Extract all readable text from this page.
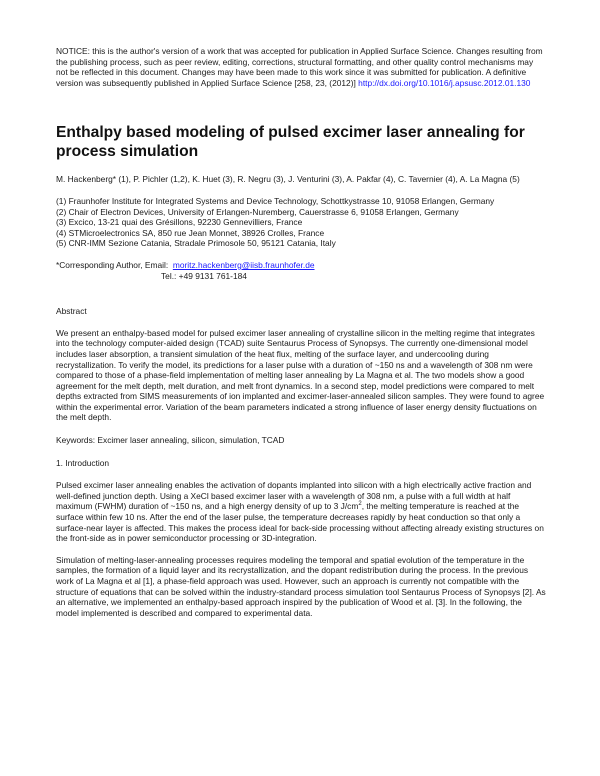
NOTICE: this is the author's version of a work that was accepted for publication in Applied Surface Science. Changes resulting from the publishing process, such as peer review, editing, corrections, structural formatting, and other quality control mechanisms may not be reflected in this document. Changes may have been made to this work since it was submitted for publication. A definitive version was subsequently published in Applied Surface Science [258, 23, (2012)] http://dx.doi.org/10.1016/j.apsusc.2012.01.130

Enthalpy based modeling of pulsed excimer laser annealing for process simulation

M. Hackenberg* (1), P. Pichler (1,2), K. Huet (3), R. Negru (3), J. Venturini (3), A. Pakfar (4), C. Tavernier (4), A. La Magna (5)

(1) Fraunhofer Institute for Integrated Systems and Device Technology, Schottkystrasse 10, 91058 Erlangen, Germany
(2) Chair of Electron Devices, University of Erlangen-Nuremberg, Cauerstrasse 6, 91058 Erlangen, Germany
(3) Excico, 13-21 quai des Grésillons, 92230 Gennevilliers, France
(4) STMicroelectronics SA, 850 rue Jean Monnet, 38926 Crolles, France
(5) CNR-IMM Sezione Catania, Stradale Primosole 50, 95121 Catania, Italy
*Corresponding Author, Email: moritz.hackenberg@iisb.fraunhofer.de
Tel.: +49 9131 761-184

Abstract

We present an enthalpy-based model for pulsed excimer laser annealing of crystalline silicon in the melting regime that integrates into the technology computer-aided design (TCAD) suite Sentaurus Process of Synopsys. The currently one-dimensional model includes laser absorption, a transient simulation of the heat flux, melting of the surface layer, and undercooling during recrystallization. To verify the model, its predictions for a laser pulse with a duration of ~150 ns and a wavelength of 308 nm were compared to those of a phase-field implementation of melting laser annealing by La Magna et al. The two models show a good agreement for the melt depth, melt duration, and melt front dynamics. In a second step, model predictions were compared to melt depths extracted from SIMS measurements of ion implanted and excimer-laser-annealed silicon samples. They were found to agree within the experimental error. Variation of the beam parameters indicated a strong influence of laser energy density fluctuations on the melt depth.

Keywords: Excimer laser annealing, silicon, simulation, TCAD

1. Introduction

Pulsed excimer laser annealing enables the activation of dopants implanted into silicon with a high electrically active fraction and well-defined junction depth. Using a XeCl based excimer laser with a wavelength of 308 nm, a pulse with a full width at half maximum (FWHM) duration of ~150 ns, and a high energy density of up to 3 $J/cm^2$, the melting temperature is reached at the surface within few 10 ns. After the end of the laser pulse, the temperature decreases rapidly by heat conduction so that only a surface-near layer is affected. This makes the process ideal for back-side processing without affecting already existing structures on the front-side as in power semiconductor processing or 3D-integration.

Simulation of melting-laser-annealing processes requires modeling the temporal and spatial evolution of the temperature in the samples, the formation of a liquid layer and its recrystallization, and the dopant redistribution during the process. In the previous work of La Magna et al [1], a phase-field approach was used. However, such an approach is currently not compatible with the structure of equations that can be solved within the industry-standard process simulation tool Sentaurus Process of Synopsys [2]. As an alternative, we implemented an enthalpy-based approach inspired by the publication of Wood et al. [3]. In the following, the model implemented is described and compared to experimental data.
